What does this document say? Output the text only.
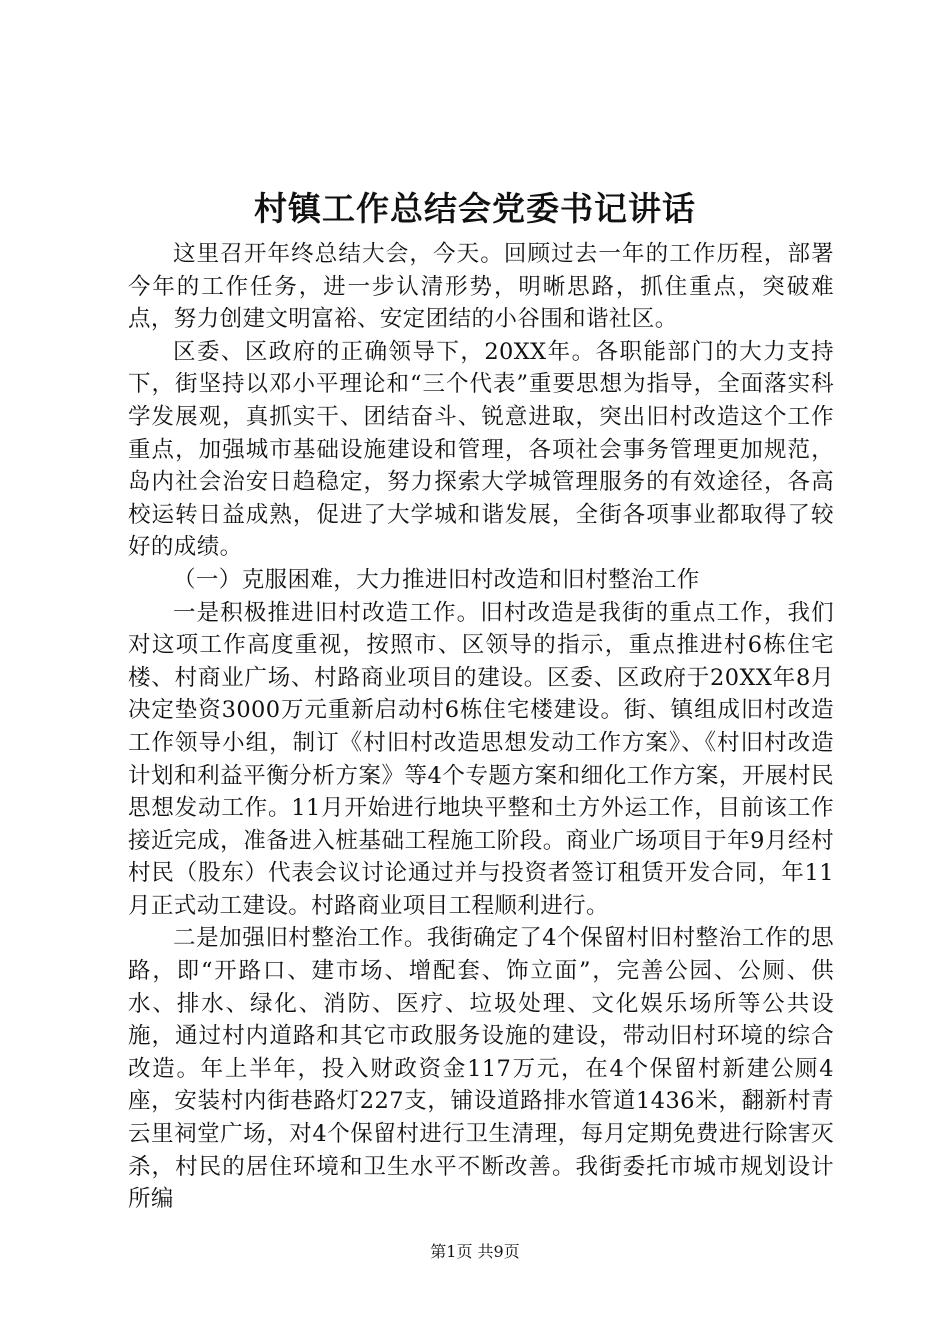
村镇工作总结会党委书记讲话

这里召开年终总结大会，今天。回顾过去一年的工作历程，部署今年的工作任务，进一步认清形势，明晰思路，抓住重点，突破难点，努力创建文明富裕、安定团结的小谷围和谐社区。

区委、区政府的正确领导下，20XX年。各职能部门的大力支持下，街坚持以邓小平理论和“三个代表”重要思想为指导，全面落实科学发展观，真抓实干、团结奋斗、锐意进取，突出旧村改造这个工作重点，加强城市基础设施建设和管理，各项社会事务管理更加规范，岛内社会治安日趋稳定，努力探索大学城管理服务的有效途径，各高校运转日益成熟，促进了大学城和谐发展，全街各项事业都取得了较好的成绩。

（一）克服困难，大力推进旧村改造和旧村整治工作

一是积极推进旧村改造工作。旧村改造是我街的重点工作，我们对这项工作高度重视，按照市、区领导的指示，重点推进村6栋住宅楼、村商业广场、村路商业项目的建设。区委、区政府于20XX年8月决定垫资3000万元重新启动村6栋住宅楼建设。街、镇组成旧村改造工作领导小组，制订《村旧村改造思想发动工作方案》、《村旧村改造计划和利益平衡分析方案》等4个专题方案和细化工作方案，开展村民思想发动工作。11月开始进行地块平整和土方外运工作，目前该工作接近完成，准备进入桩基础工程施工阶段。商业广场项目于年9月经村村民（股东）代表会议讨论通过并与投资者签订租赁开发合同，年11月正式动工建设。村路商业项目工程顺利进行。

二是加强旧村整治工作。我街确定了4个保留村旧村整治工作的思路，即“开路口、建市场、增配套、饰立面”，完善公园、公厕、供水、排水、绿化、消防、医疗、垃圾处理、文化娱乐场所等公共设施，通过村内道路和其它市政服务设施的建设，带动旧村环境的综合改造。年上半年，投入财政资金117万元，在4个保留村新建公厕4座，安装村内街巷路灯227支，铺设道路排水管道1436米，翻新村青云里祠堂广场，对4个保留村进行卫生清理，每月定期免费进行除害灭杀，村民的居住环境和卫生水平不断改善。我街委托市城市规划设计所编

第1页 共9页
